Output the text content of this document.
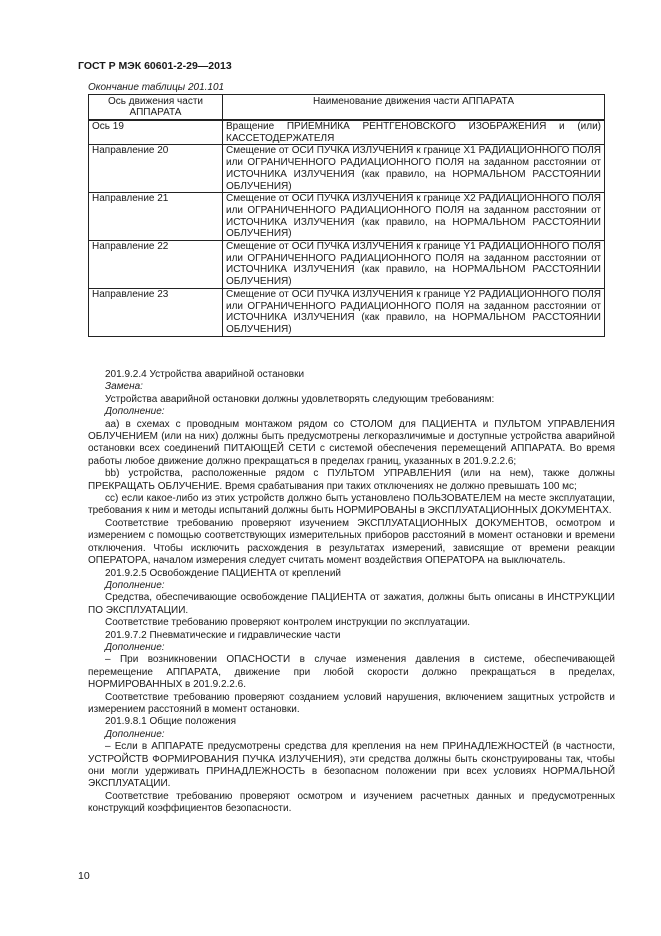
ГОСТ Р МЭК 60601-2-29—2013

Окончание таблицы 201.101

Ось движения части АППАРАТА	Наименование движения части АППАРАТА
Ось 19	Вращение ПРИЕМНИКА РЕНТГЕНОВСКОГО ИЗОБРАЖЕНИЯ и (или) КАССЕТОДЕРЖАТЕЛЯ
Направление 20	Смещение от ОСИ ПУЧКА ИЗЛУЧЕНИЯ к границе X1 РАДИАЦИОННОГО ПОЛЯ или ОГРАНИЧЕННОГО РАДИАЦИОННОГО ПОЛЯ на заданном расстоянии от ИСТОЧНИКА ИЗЛУЧЕНИЯ (как правило, на НОРМАЛЬНОМ РАССТОЯНИИ ОБЛУЧЕНИЯ)
Направление 21	Смещение от ОСИ ПУЧКА ИЗЛУЧЕНИЯ к границе X2 РАДИАЦИОННОГО ПОЛЯ или ОГРАНИЧЕННОГО РАДИАЦИОННОГО ПОЛЯ на заданном расстоянии от ИСТОЧНИКА ИЗЛУЧЕНИЯ (как правило, на НОРМАЛЬНОМ РАССТОЯНИИ ОБЛУЧЕНИЯ)
Направление 22	Смещение от ОСИ ПУЧКА ИЗЛУЧЕНИЯ к границе Y1 РАДИАЦИОННОГО ПОЛЯ или ОГРАНИЧЕННОГО РАДИАЦИОННОГО ПОЛЯ на заданном расстоянии от ИСТОЧНИКА ИЗЛУЧЕНИЯ (как правило, на НОРМАЛЬНОМ РАССТОЯНИИ ОБЛУЧЕНИЯ)
Направление 23	Смещение от ОСИ ПУЧКА ИЗЛУЧЕНИЯ к границе Y2 РАДИАЦИОННОГО ПОЛЯ или ОГРАНИЧЕННОГО РАДИАЦИОННОГО ПОЛЯ на заданном расстоянии от ИСТОЧНИКА ИЗЛУЧЕНИЯ (как правило, на НОРМАЛЬНОМ РАССТОЯНИИ ОБЛУЧЕНИЯ)

201.9.2.4 Устройства аварийной остановки

Замена:

Устройства аварийной остановки должны удовлетворять следующим требованиям:

Дополнение:

аа) в схемах с проводным монтажом рядом со СТОЛОМ для ПАЦИЕНТА и ПУЛЬТОМ УПРАВЛЕНИЯ ОБЛУЧЕНИЕМ (или на них) должны быть предусмотрены легкоразличимые и доступные устройства аварийной остановки всех соединений ПИТАЮЩЕЙ СЕТИ с системой обеспечения перемещений АППАРАТА. Во время работы любое движение должно прекращаться в пределах границ, указанных в 201.9.2.2.6;

bb) устройства, расположенные рядом с ПУЛЬТОМ УПРАВЛЕНИЯ (или на нем), также должны ПРЕКРАЩАТЬ ОБЛУЧЕНИЕ. Время срабатывания при таких отключениях не должно превышать 100 мс;

сс) если какое-либо из этих устройств должно быть установлено ПОЛЬЗОВАТЕЛЕМ на месте эксплуатации, требования к ним и методы испытаний должны быть НОРМИРОВАНЫ в ЭКСПЛУАТАЦИОННЫХ ДОКУМЕНТАХ.

Соответствие требованию проверяют изучением ЭКСПЛУАТАЦИОННЫХ ДОКУМЕНТОВ, осмотром и измерением с помощью соответствующих измерительных приборов расстояний в момент остановки и времени отключения. Чтобы исключить расхождения в результатах измерений, зависящие от времени реакции ОПЕРАТОРА, началом измерения следует считать момент воздействия ОПЕРАТОРА на выключатель.

201.9.2.5 Освобождение ПАЦИЕНТА от креплений

Дополнение:

Средства, обеспечивающие освобождение ПАЦИЕНТА от зажатия, должны быть описаны в ИНСТРУКЦИИ ПО ЭКСПЛУАТАЦИИ.

Соответствие требованию проверяют контролем инструкции по эксплуатации.

201.9.7.2 Пневматические и гидравлические части

Дополнение:

– При возникновении ОПАСНОСТИ в случае изменения давления в системе, обеспечивающей перемещение АППАРАТА, движение при любой скорости должно прекращаться в пределах, НОРМИРОВАННЫХ в 201.9.2.2.6.

Соответствие требованию проверяют созданием условий нарушения, включением защитных устройств и измерением расстояний в момент остановки.

201.9.8.1 Общие положения

Дополнение:

– Если в АППАРАТЕ предусмотрены средства для крепления на нем ПРИНАДЛЕЖНОСТЕЙ (в частности, УСТРОЙСТВ ФОРМИРОВАНИЯ ПУЧКА ИЗЛУЧЕНИЯ), эти средства должны быть сконструированы так, чтобы они могли удерживать ПРИНАДЛЕЖНОСТЬ в безопасном положении при всех условиях НОРМАЛЬНОЙ ЭКСПЛУАТАЦИИ.

Соответствие требованию проверяют осмотром и изучением расчетных данных и предусмотренных конструкций коэффициентов безопасности.

10
